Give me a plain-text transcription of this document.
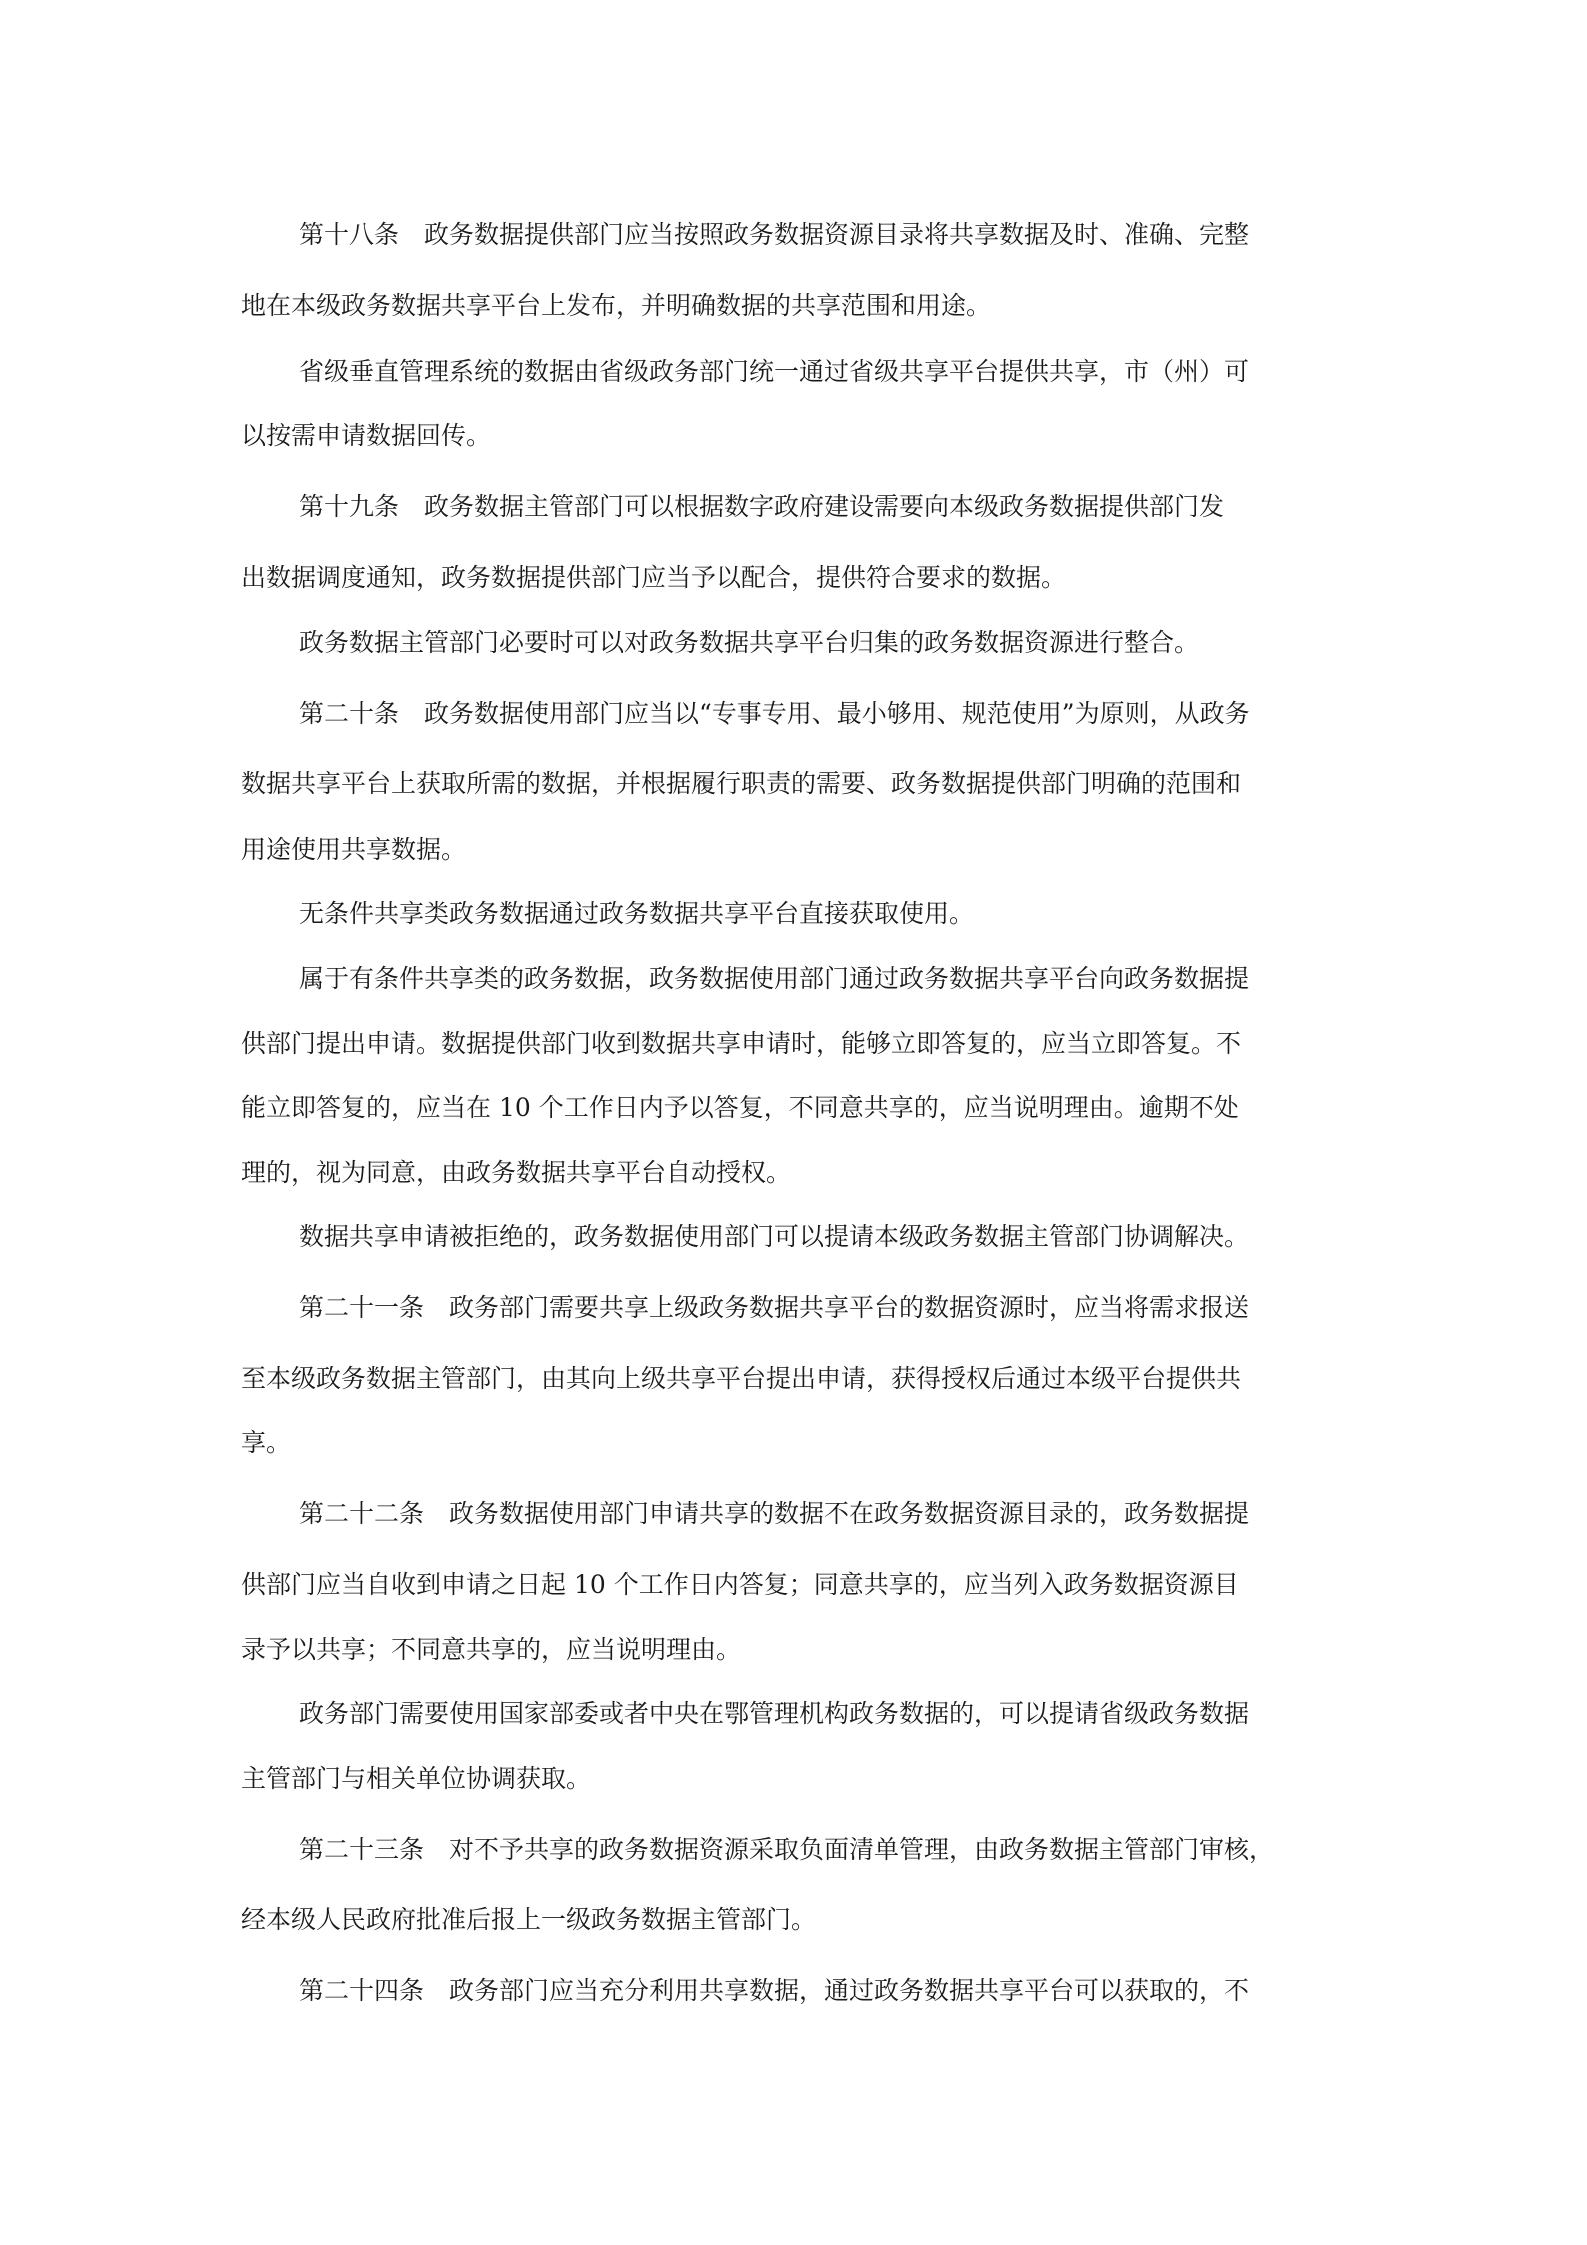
第十八条　政务数据提供部门应当按照政务数据资源目录将共享数据及时、准确、完整

地在本级政务数据共享平台上发布，并明确数据的共享范围和用途。

省级垂直管理系统的数据由省级政务部门统一通过省级共享平台提供共享，市（州）可

以按需申请数据回传。

第十九条　政务数据主管部门可以根据数字政府建设需要向本级政务数据提供部门发

出数据调度通知，政务数据提供部门应当予以配合，提供符合要求的数据。

政务数据主管部门必要时可以对政务数据共享平台归集的政务数据资源进行整合。

第二十条　政务数据使用部门应当以“专事专用、最小够用、规范使用”为原则，从政务

数据共享平台上获取所需的数据，并根据履行职责的需要、政务数据提供部门明确的范围和

用途使用共享数据。

无条件共享类政务数据通过政务数据共享平台直接获取使用。

属于有条件共享类的政务数据，政务数据使用部门通过政务数据共享平台向政务数据提

供部门提出申请。数据提供部门收到数据共享申请时，能够立即答复的，应当立即答复。不

能立即答复的，应当在 10 个工作日内予以答复，不同意共享的，应当说明理由。逾期不处

理的，视为同意，由政务数据共享平台自动授权。

数据共享申请被拒绝的，政务数据使用部门可以提请本级政务数据主管部门协调解决。

第二十一条　政务部门需要共享上级政务数据共享平台的数据资源时，应当将需求报送

至本级政务数据主管部门，由其向上级共享平台提出申请，获得授权后通过本级平台提供共

享。

第二十二条　政务数据使用部门申请共享的数据不在政务数据资源目录的，政务数据提

供部门应当自收到申请之日起 10 个工作日内答复；同意共享的，应当列入政务数据资源目

录予以共享；不同意共享的，应当说明理由。

政务部门需要使用国家部委或者中央在鄂管理机构政务数据的，可以提请省级政务数据

主管部门与相关单位协调获取。

第二十三条　对不予共享的政务数据资源采取负面清单管理，由政务数据主管部门审核，

经本级人民政府批准后报上一级政务数据主管部门。

第二十四条　政务部门应当充分利用共享数据，通过政务数据共享平台可以获取的，不
